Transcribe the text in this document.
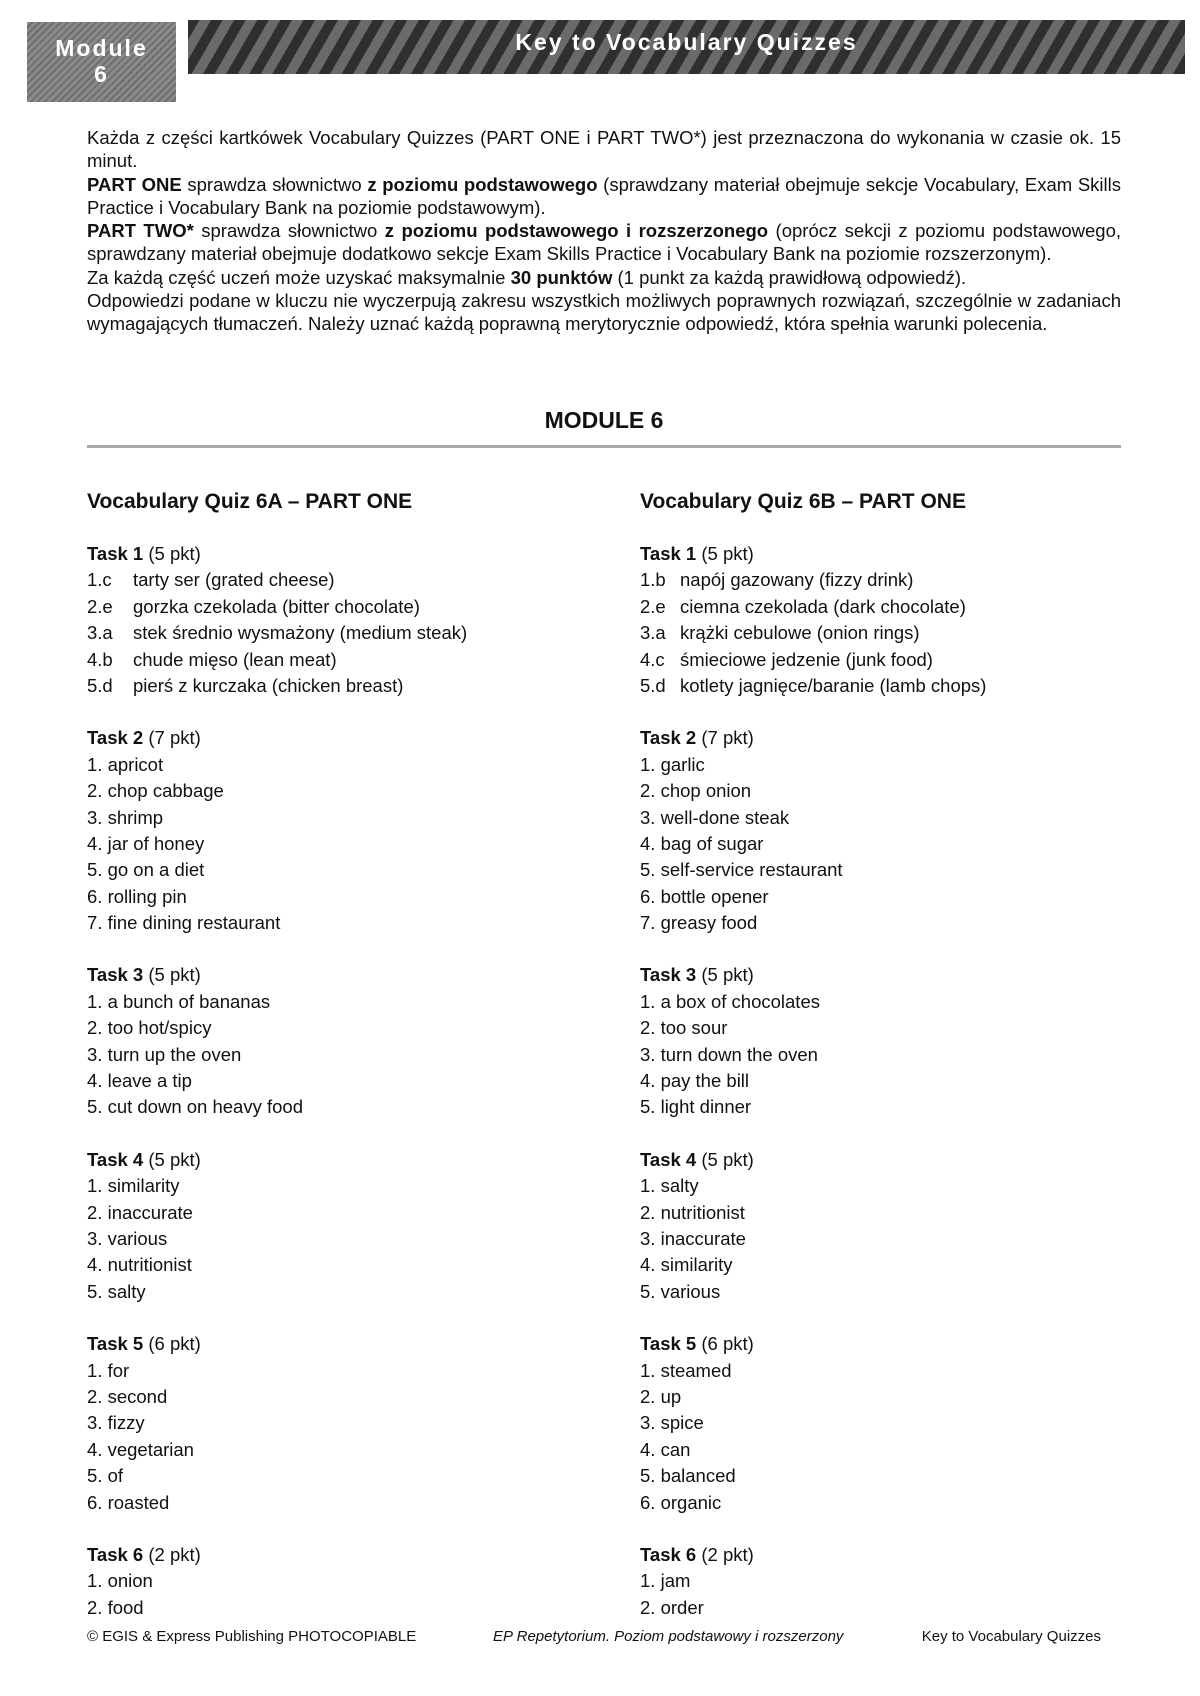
Module
6
Key to Vocabulary Quizzes

Każda z części kartkówek Vocabulary Quizzes (PART ONE i PART TWO*) jest przeznaczona do wykonania w czasie ok. 15 minut.

PART ONE sprawdza słownictwo z poziomu podstawowego (sprawdzany materiał obejmuje sekcje Vocabulary, Exam Skills Practice i Vocabulary Bank na poziomie podstawowym).

PART TWO* sprawdza słownictwo z poziomu podstawowego i rozszerzonego (oprócz sekcji z poziomu podstawowego, sprawdzany materiał obejmuje dodatkowo sekcje Exam Skills Practice i Vocabulary Bank na poziomie rozszerzonym).

Za każdą część uczeń może uzyskać maksymalnie 30 punktów (1 punkt za każdą prawidłową odpowiedź).

Odpowiedzi podane w kluczu nie wyczerpują zakresu wszystkich możliwych poprawnych rozwiązań, szczególnie w zadaniach wymagających tłumaczeń. Należy uznać każdą poprawną merytorycznie odpowiedź, która spełnia warunki polecenia.

MODULE 6
Vocabulary Quiz 6A – PART ONE
Task 1 (5 pkt)
1.c tarty ser (grated cheese)
2.e gorzka czekolada (bitter chocolate)
3.a stek średnio wysmażony (medium steak)
4.b chude mięso (lean meat)
5.d pierś z kurczaka (chicken breast)
Task 2 (7 pkt)
1. apricot
2. chop cabbage
3. shrimp
4. jar of honey
5. go on a diet
6. rolling pin
7. fine dining restaurant
Task 3 (5 pkt)
1. a bunch of bananas
2. too hot/spicy
3. turn up the oven
4. leave a tip
5. cut down on heavy food
Task 4 (5 pkt)
1. similarity
2. inaccurate
3. various
4. nutritionist
5. salty
Task 5 (6 pkt)
1. for
2. second
3. fizzy
4. vegetarian
5. of
6. roasted
Task 6 (2 pkt)
1. onion
2. food
Vocabulary Quiz 6B – PART ONE
Task 1 (5 pkt)
1.b napój gazowany (fizzy drink)
2.e ciemna czekolada (dark chocolate)
3.a krążki cebulowe (onion rings)
4.c śmieciowe jedzenie (junk food)
5.d kotlety jagnięce/baranie (lamb chops)
Task 2 (7 pkt)
1. garlic
2. chop onion
3. well-done steak
4. bag of sugar
5. self-service restaurant
6. bottle opener
7. greasy food
Task 3 (5 pkt)
1. a box of chocolates
2. too sour
3. turn down the oven
4. pay the bill
5. light dinner
Task 4 (5 pkt)
1. salty
2. nutritionist
3. inaccurate
4. similarity
5. various
Task 5 (6 pkt)
1. steamed
2. up
3. spice
4. can
5. balanced
6. organic
Task 6 (2 pkt)
1. jam
2. order
© EGIS & Express Publishing PHOTOCOPIABLE	EP Repetytorium. Poziom podstawowy i rozszerzony	Key to Vocabulary Quizzes
